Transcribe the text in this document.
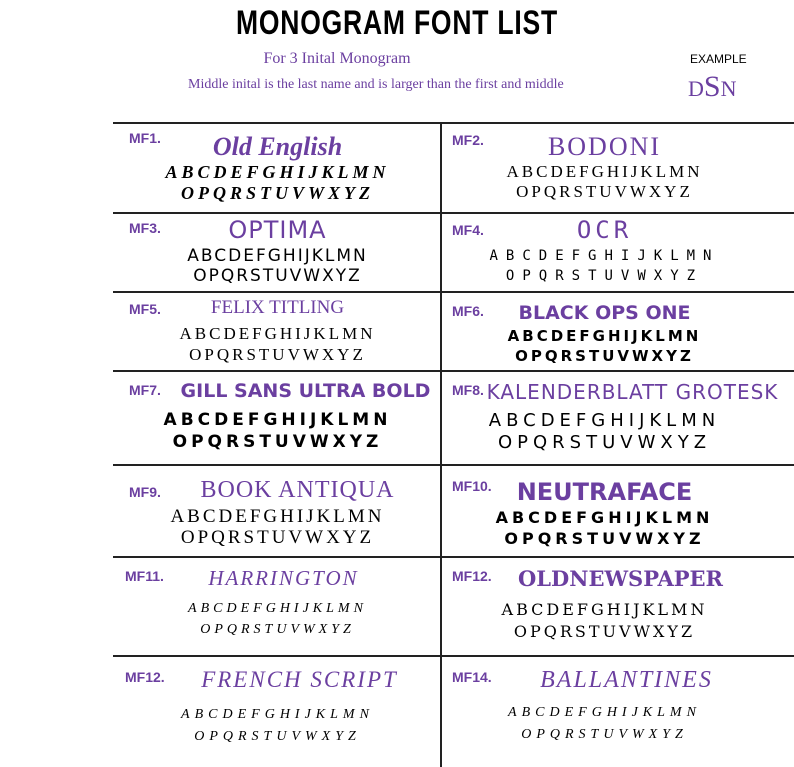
MONOGRAM FONT LIST
For 3 Inital Monogram
Middle inital is the last name and is larger than the first and middle
EXAMPLE
DSN
MF1.	Old English
ABCDEFGHIJKLMN
OPQRSTUVWXYZ
MF2.	BODONI
ABCDEFGHIJKLMN
OPQRSTUVWXYZ
MF3.	OPTIMA
ABCDEFGHIJKLMN
OPQRSTUVWXYZ
MF4.	OCR
ABCDEFGHIJKLMN
OPQRSTUVWXYZ
MF5.	FELIX TITLING
ABCDEFGHIJKLMN
OPQRSTUVWXYZ
MF6.	BLACK OPS ONE
ABCDEFGHIJKLMN
OPQRSTUVWXYZ
MF7.	GILL SANS ULTRA BOLD
ABCDEFGHIJKLMN
OPQRSTUVWXYZ
MF8. KALENDERBLATT GROTESK
ABCDEFGHIJKLMN
OPQRSTUVWXYZ
MF9.	BOOK ANTIQUA
ABCDEFGHIJKLMN
OPQRSTUVWXYZ
MF10.	NEUTRAFACE
ABCDEFGHIJKLMN
OPQRSTUVWXYZ
MF11.	HARRINGTON
ABCDEFGHIJKLMN
OPQRSTUVWXYZ
MF12.	OLDNEWSPAPER
ABCDEFGHIJKLMN
OPQRSTUVWXYZ
MF12.	FRENCH SCRIPT
ABCDEFGHIJKLMN
OPQRSTUVWXYZ
MF14.	BALLANTINES
ABCDEFGHIJKLMN
OPQRSTUVWXYZ
